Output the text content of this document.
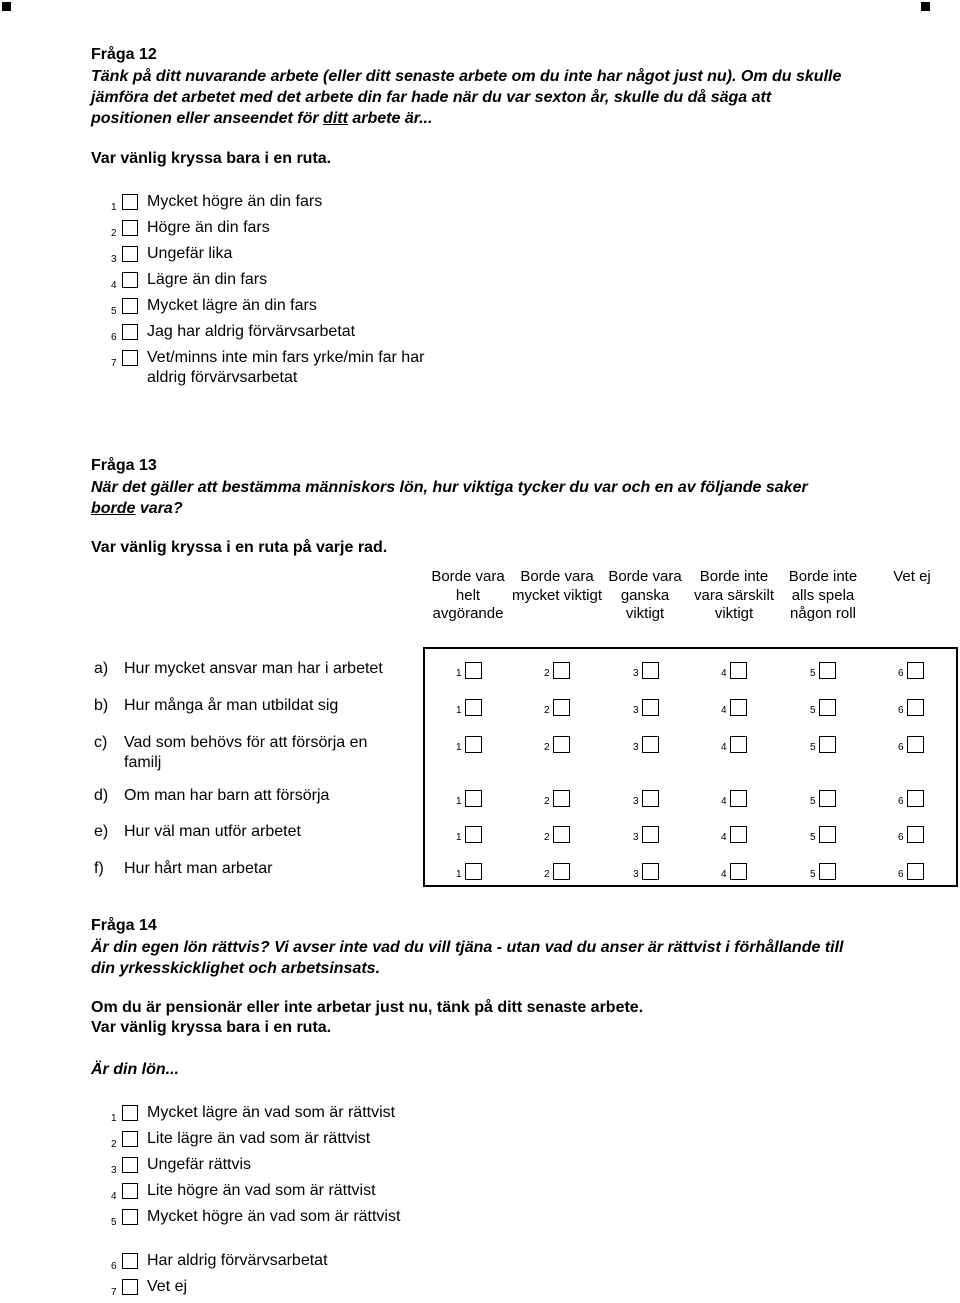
Fråga 12
Tänk på ditt nuvarande arbete (eller ditt senaste arbete om du inte har något just nu). Om du skulle
jämföra det arbetet med det arbete din far hade när du var sexton år, skulle du då säga att
positionen eller anseendet för ditt arbete är...
Var vänlig kryssa bara i en ruta.
1 Mycket högre än din fars
2 Högre än din fars
3 Ungefär lika
4 Lägre än din fars
5 Mycket lägre än din fars
6 Jag har aldrig förvärvsarbetat
7 Vet/minns inte min fars yrke/min far har aldrig förvärvsarbetat
Fråga 13
När det gäller att bestämma människors lön, hur viktiga tycker du var och en av följande saker
borde vara?
Var vänlig kryssa i en ruta på varje rad.
Borde vara helt avgörande
Borde vara mycket viktigt
Borde vara ganska viktigt
Borde inte vara särskilt viktigt
Borde inte alls spela någon roll
Vet ej
a) Hur mycket ansvar man har i arbetet	1	2	3	4	5	6
b) Hur många år man utbildat sig	1	2	3	4	5	6
c) Vad som behövs för att försörja en familj
1	2	3	4	5	6
d) Om man har barn att försörja	1	2	3	4	5	6
e) Hur väl man utför arbetet	1	2	3	4	5	6
f) Hur hårt man arbetar	1	2	3	4	5	6
Fråga 14
Är din egen lön rättvis? Vi avser inte vad du vill tjäna - utan vad du anser är rättvist i förhållande till
din yrkesskicklighet och arbetsinsats.
Om du är pensionär eller inte arbetar just nu, tänk på ditt senaste arbete.
Var vänlig kryssa bara i en ruta.
Är din lön...
1 Mycket lägre än vad som är rättvist
2 Lite lägre än vad som är rättvist
3 Ungefär rättvis
4 Lite högre än vad som är rättvist
5 Mycket högre än vad som är rättvist
6 Har aldrig förvärvsarbetat
7 Vet ej
